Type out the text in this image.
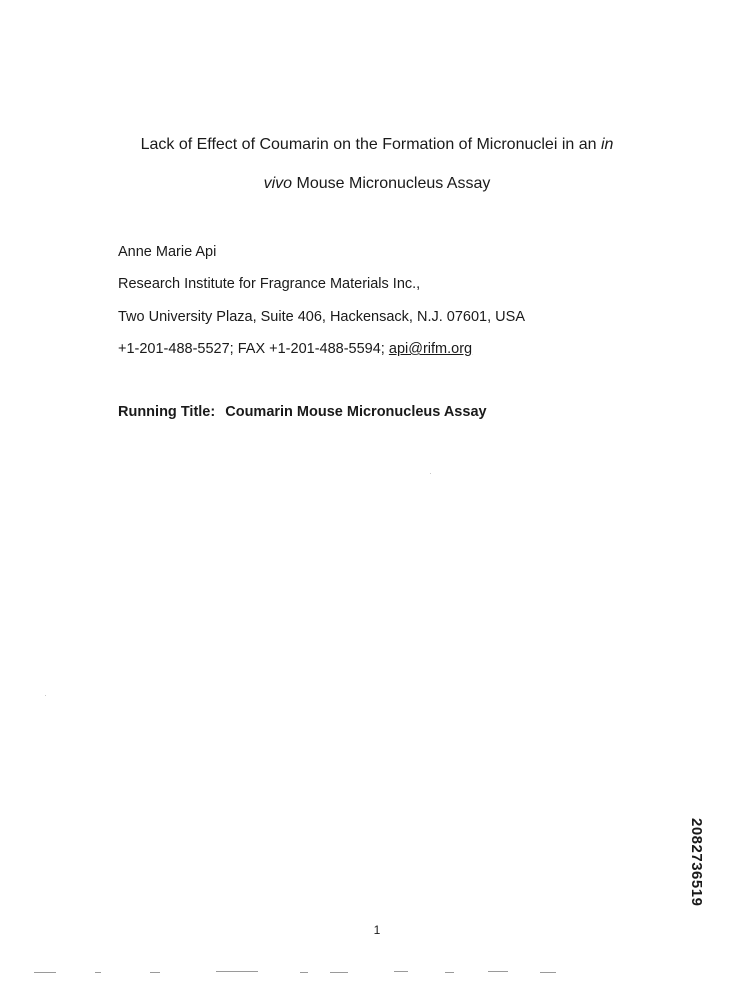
Lack of Effect of Coumarin on the Formation of Micronuclei in an in
vivo Mouse Micronucleus Assay
Anne Marie Api
Research Institute for Fragrance Materials Inc.,
Two University Plaza, Suite 406, Hackensack, N.J. 07601, USA
+1-201-488-5527; FAX +1-201-488-5594; api@rifm.org
Running Title: Coumarin Mouse Micronucleus Assay
2082736519
1
